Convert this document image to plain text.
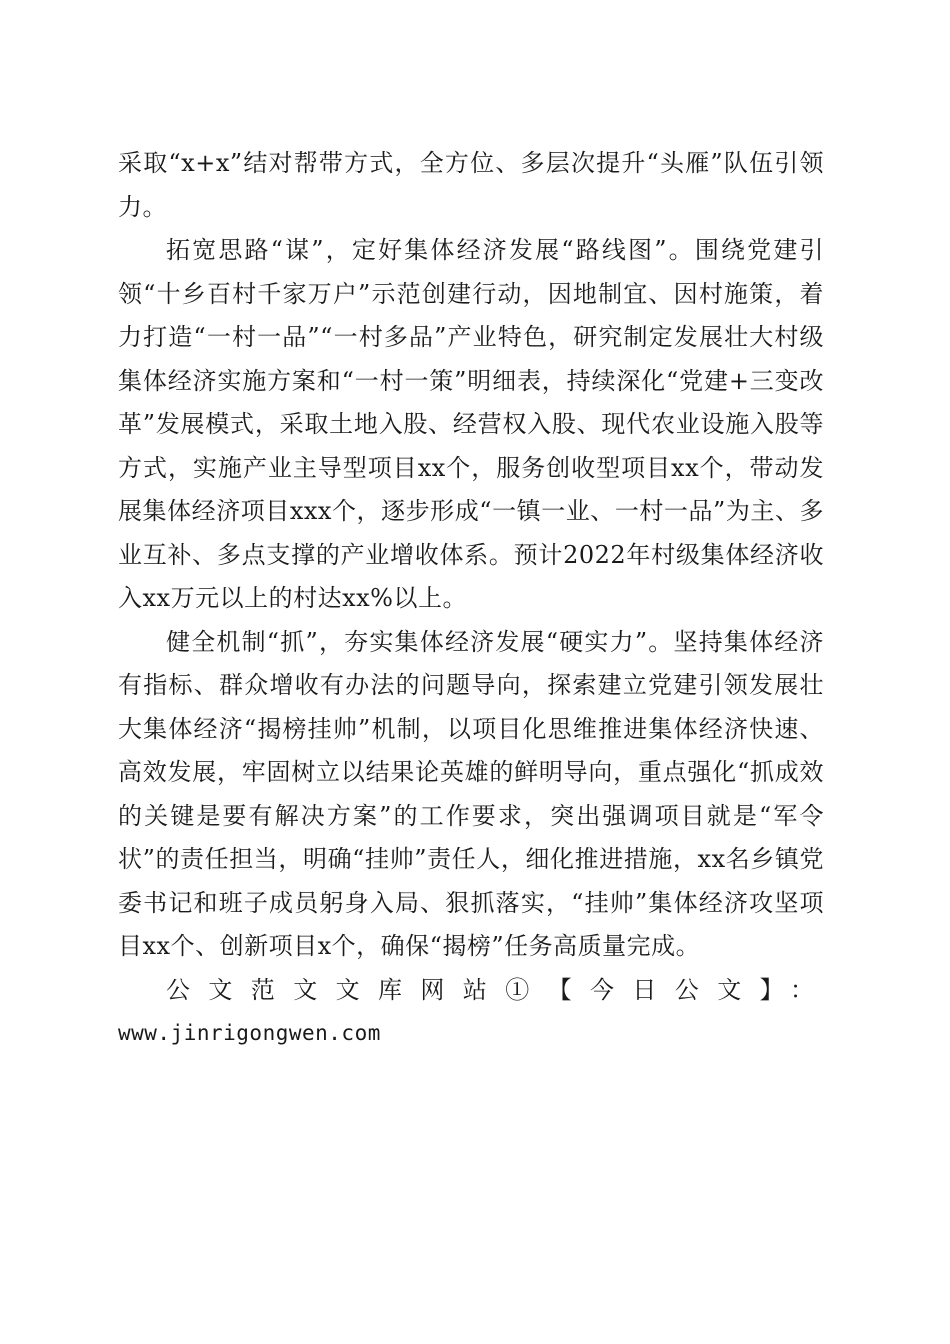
采取“x+x”结对帮带方式，全方位、多层次提升“头雁”队伍引领力。

拓宽思路“谋”，定好集体经济发展“路线图”。围绕党建引领“十乡百村千家万户”示范创建行动，因地制宜、因村施策，着力打造“一村一品”“一村多品”产业特色，研究制定发展壮大村级集体经济实施方案和“一村一策”明细表，持续深化“党建+三变改革”发展模式，采取土地入股、经营权入股、现代农业设施入股等方式，实施产业主导型项目xx个，服务创收型项目xx个，带动发展集体经济项目xxx个，逐步形成“一镇一业、一村一品”为主、多业互补、多点支撑的产业增收体系。预计2022年村级集体经济收入xx万元以上的村达xx%以上。

健全机制“抓”，夯实集体经济发展“硬实力”。坚持集体经济有指标、群众增收有办法的问题导向，探索建立党建引领发展壮大集体经济“揭榜挂帅”机制，以项目化思维推进集体经济快速、高效发展，牢固树立以结果论英雄的鲜明导向，重点强化“抓成效的关键是要有解决方案”的工作要求，突出强调项目就是“军令状”的责任担当，明确“挂帅”责任人，细化推进措施，xx名乡镇党委书记和班子成员躬身入局、狠抓落实，“挂帅”集体经济攻坚项目xx个、创新项目x个，确保“揭榜”任务高质量完成。

公文范文文库网站①【今日公文】：

www.jinrigongwen.com
